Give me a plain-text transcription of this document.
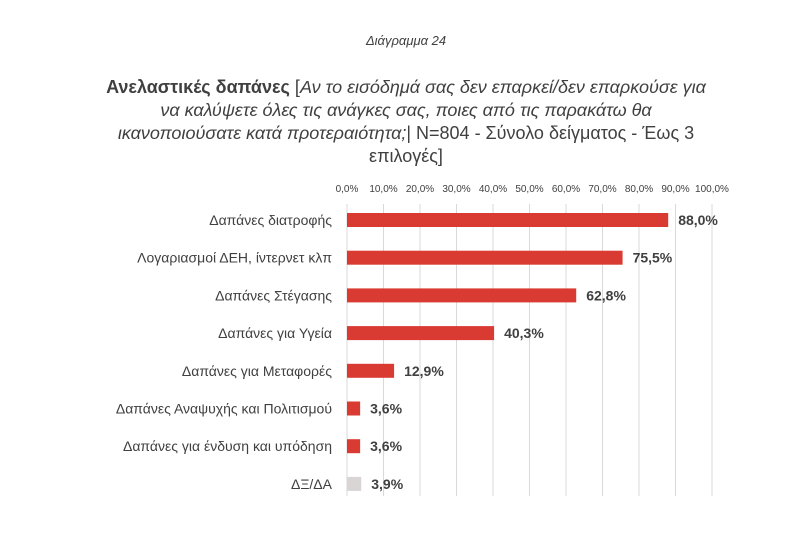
Διάγραμμα 24
Ανελαστικές δαπάνες [Αν το εισόδημά σας δεν επαρκεί/δεν επαρκούσε για να καλύψετε όλες τις ανάγκες σας, ποιες από τις παρακάτω θα ικανοποιούσατε κατά προτεραιότητα;| N=804 - Σύνολο δείγματος - Έως 3 επιλογές]
0,0% 10,0% 20,0% 30,0% 40,0% 50,0% 60,0% 70,0% 80,0% 90,0% 100,0%
Δαπάνες διατροφής	88,0%
Λογαριασμοί ΔΕΗ, ίντερνετ κλπ	75,5%
Δαπάνες Στέγασης	62,8%
Δαπάνες για Υγεία	40,3%
Δαπάνες για Μεταφορές	12,9%
Δαπάνες Αναψυχής και Πολιτισμού	3,6%
Δαπάνες για ένδυση και υπόδηση	3,6%
ΔΞ/ΔΑ	3,9%
